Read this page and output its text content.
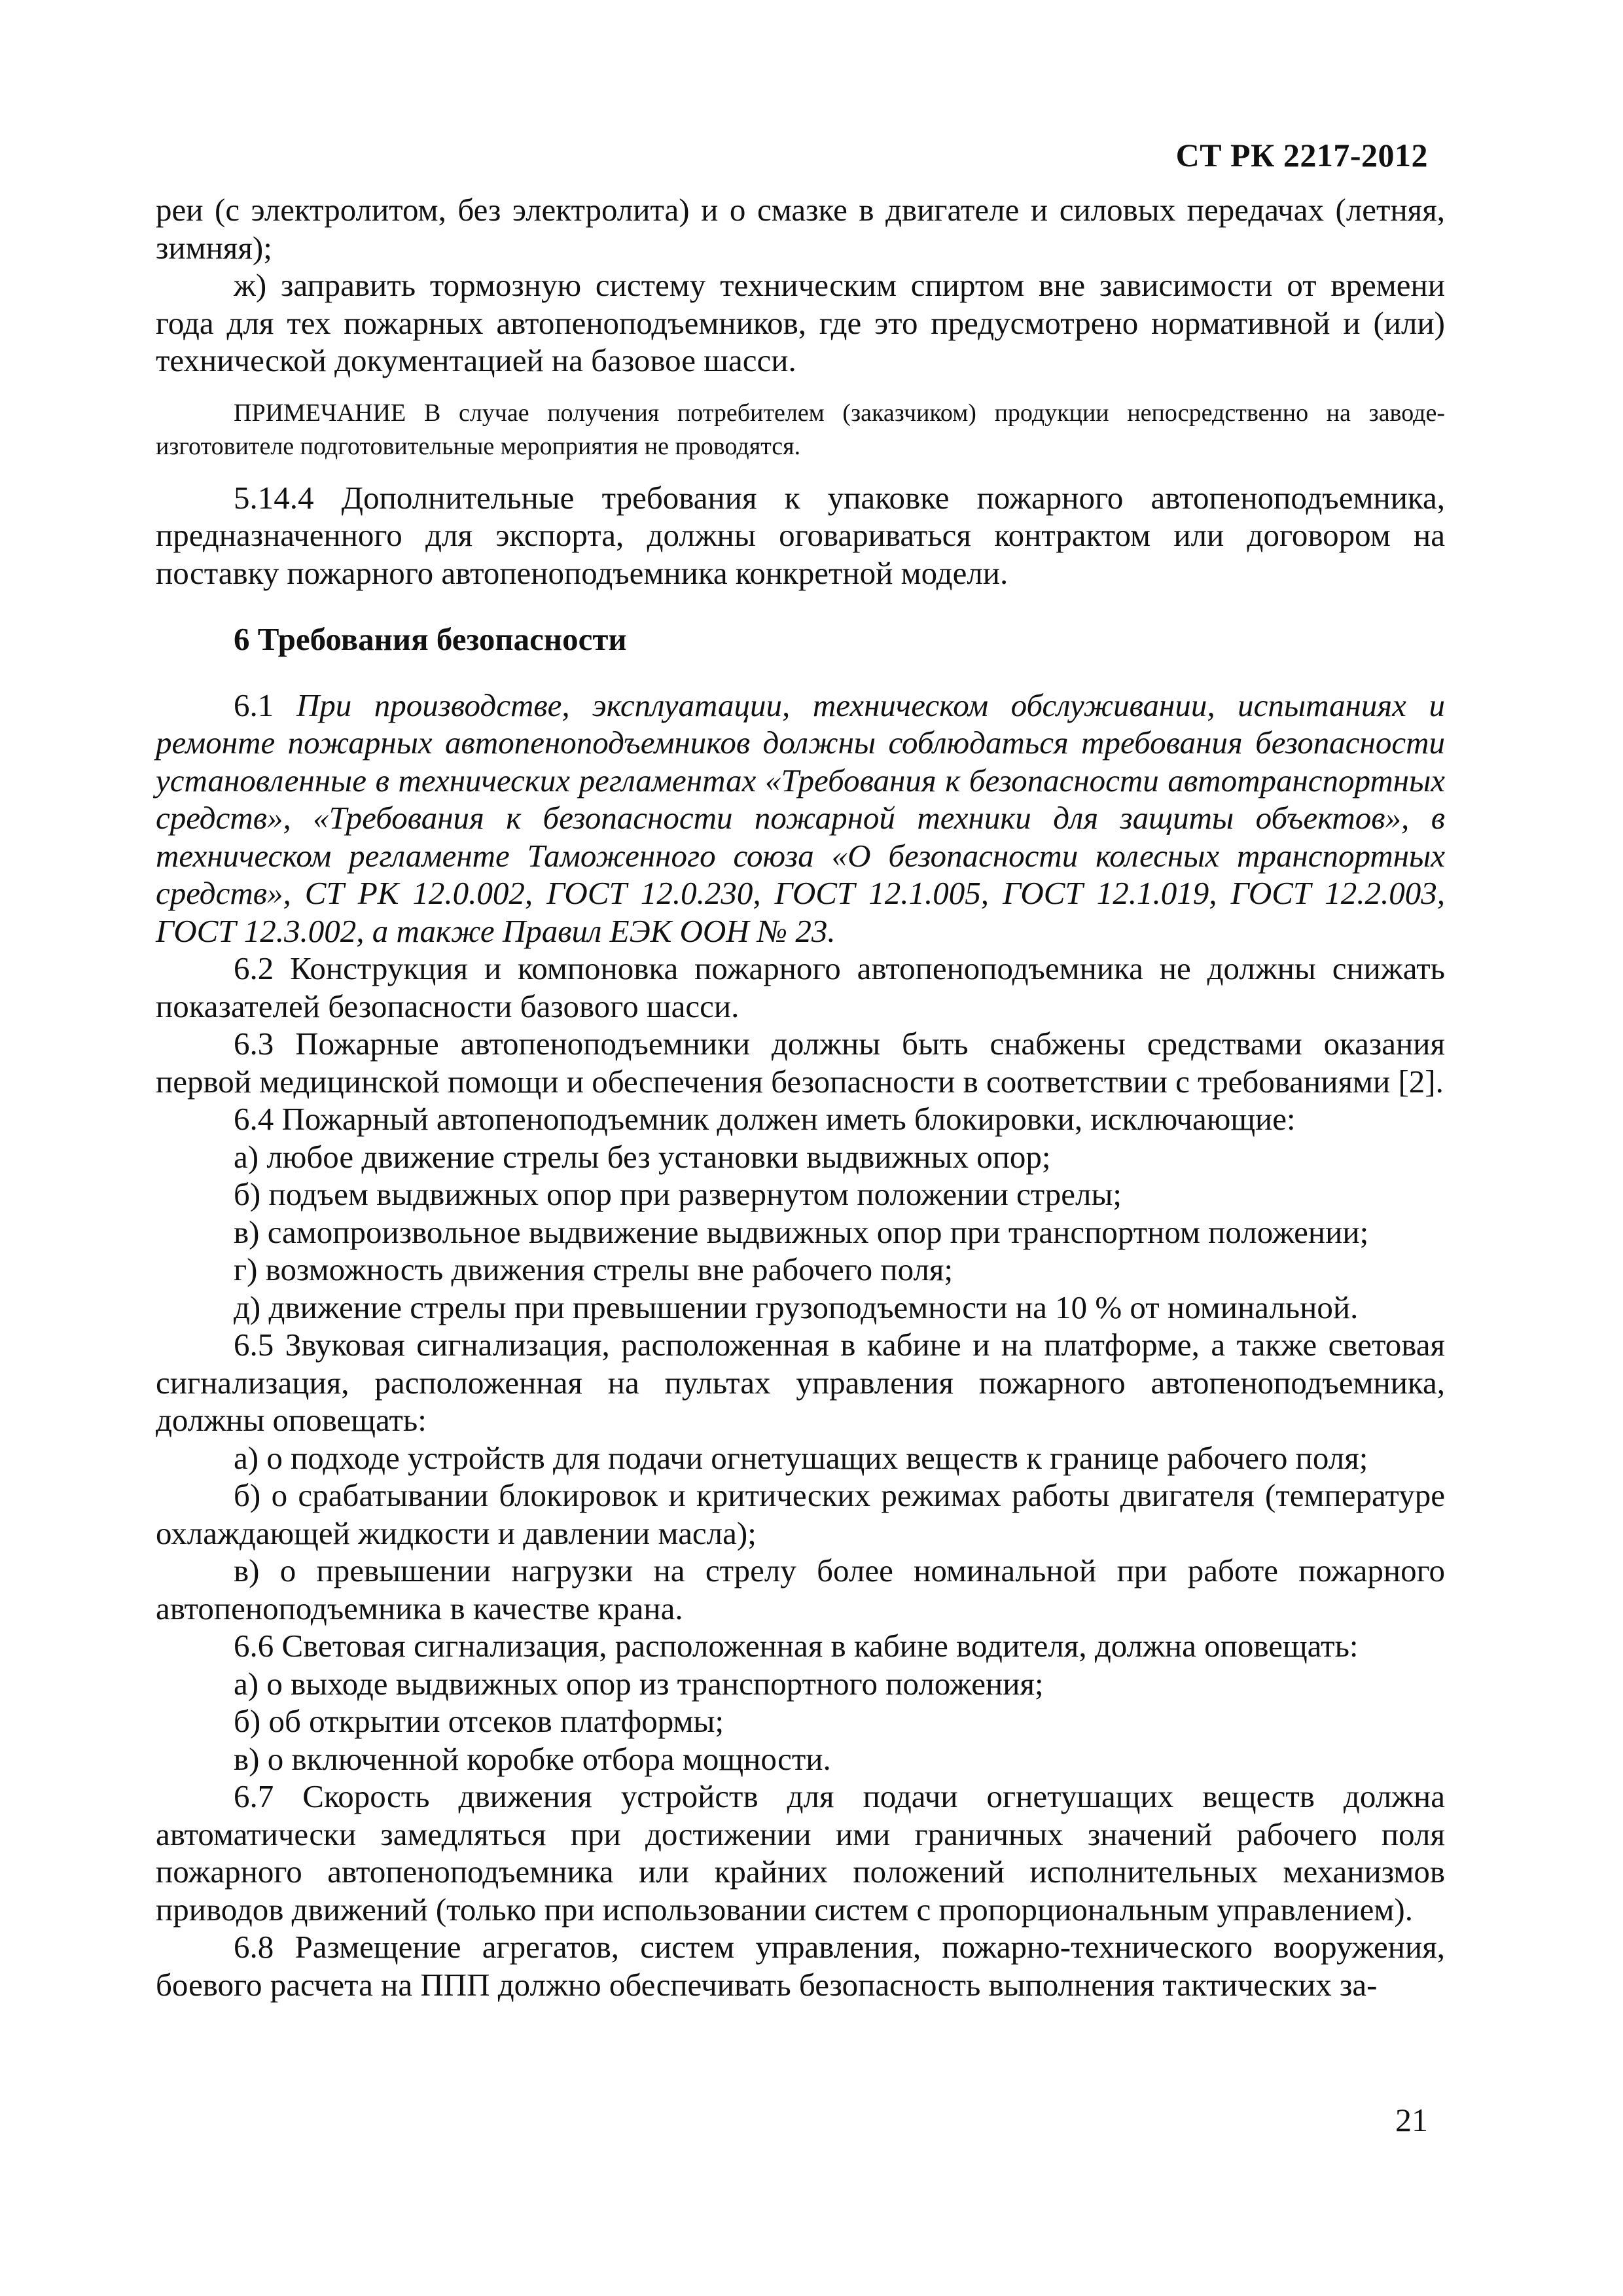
СТ РК 2217-2012

реи (с электролитом, без электролита) и о смазке в двигателе и силовых передачах (летняя, зимняя);

ж) заправить тормозную систему техническим спиртом вне зависимости от времени года для тех пожарных автопеноподъемников, где это предусмотрено нормативной и (или) технической документацией на базовое шасси.

ПРИМЕЧАНИЕ В случае получения потребителем (заказчиком) продукции непосредственно на заводе-изготовителе подготовительные мероприятия не проводятся.

5.14.4 Дополнительные требования к упаковке пожарного автопеноподъемника, предназначенного для экспорта, должны оговариваться контрактом или договором на поставку пожарного автопеноподъемника конкретной модели.

6 Требования безопасности

6.1 При производстве, эксплуатации, техническом обслуживании, испытаниях и ремонте пожарных автопеноподъемников должны соблюдаться требования безопасности установленные в технических регламентах «Требования к безопасности автотранспортных средств», «Требования к безопасности пожарной техники для защиты объектов», в техническом регламенте Таможенного союза «О безопасности колесных транспортных средств», СТ РК 12.0.002, ГОСТ 12.0.230, ГОСТ 12.1.005, ГОСТ 12.1.019, ГОСТ 12.2.003, ГОСТ 12.3.002, а также Правил ЕЭК ООН № 23.

6.2 Конструкция и компоновка пожарного автопеноподъемника не должны снижать показателей безопасности базового шасси.

6.3 Пожарные автопеноподъемники должны быть снабжены средствами оказания первой медицинской помощи и обеспечения безопасности в соответствии с требованиями [2].

6.4 Пожарный автопеноподъемник должен иметь блокировки, исключающие:

а) любое движение стрелы без установки выдвижных опор;

б) подъем выдвижных опор при развернутом положении стрелы;

в) самопроизвольное выдвижение выдвижных опор при транспортном положении;

г) возможность движения стрелы вне рабочего поля;

д) движение стрелы при превышении грузоподъемности на 10 % от номинальной.

6.5 Звуковая сигнализация, расположенная в кабине и на платформе, а также световая сигнализация, расположенная на пультах управления пожарного автопеноподъемника, должны оповещать:

а) о подходе устройств для подачи огнетушащих веществ к границе рабочего поля;

б) о срабатывании блокировок и критических режимах работы двигателя (температуре охлаждающей жидкости и давлении масла);

в) о превышении нагрузки на стрелу более номинальной при работе пожарного автопеноподъемника в качестве крана.

6.6 Световая сигнализация, расположенная в кабине водителя, должна оповещать:

а) о выходе выдвижных опор из транспортного положения;

б) об открытии отсеков платформы;

в) о включенной коробке отбора мощности.

6.7 Скорость движения устройств для подачи огнетушащих веществ должна автоматически замедляться при достижении ими граничных значений рабочего поля пожарного автопеноподъемника или крайних положений исполнительных механизмов приводов движений (только при использовании систем с пропорциональным управлением).

6.8 Размещение агрегатов, систем управления, пожарно-технического вооружения, боевого расчета на ППП должно обеспечивать безопасность выполнения тактических за-

21
